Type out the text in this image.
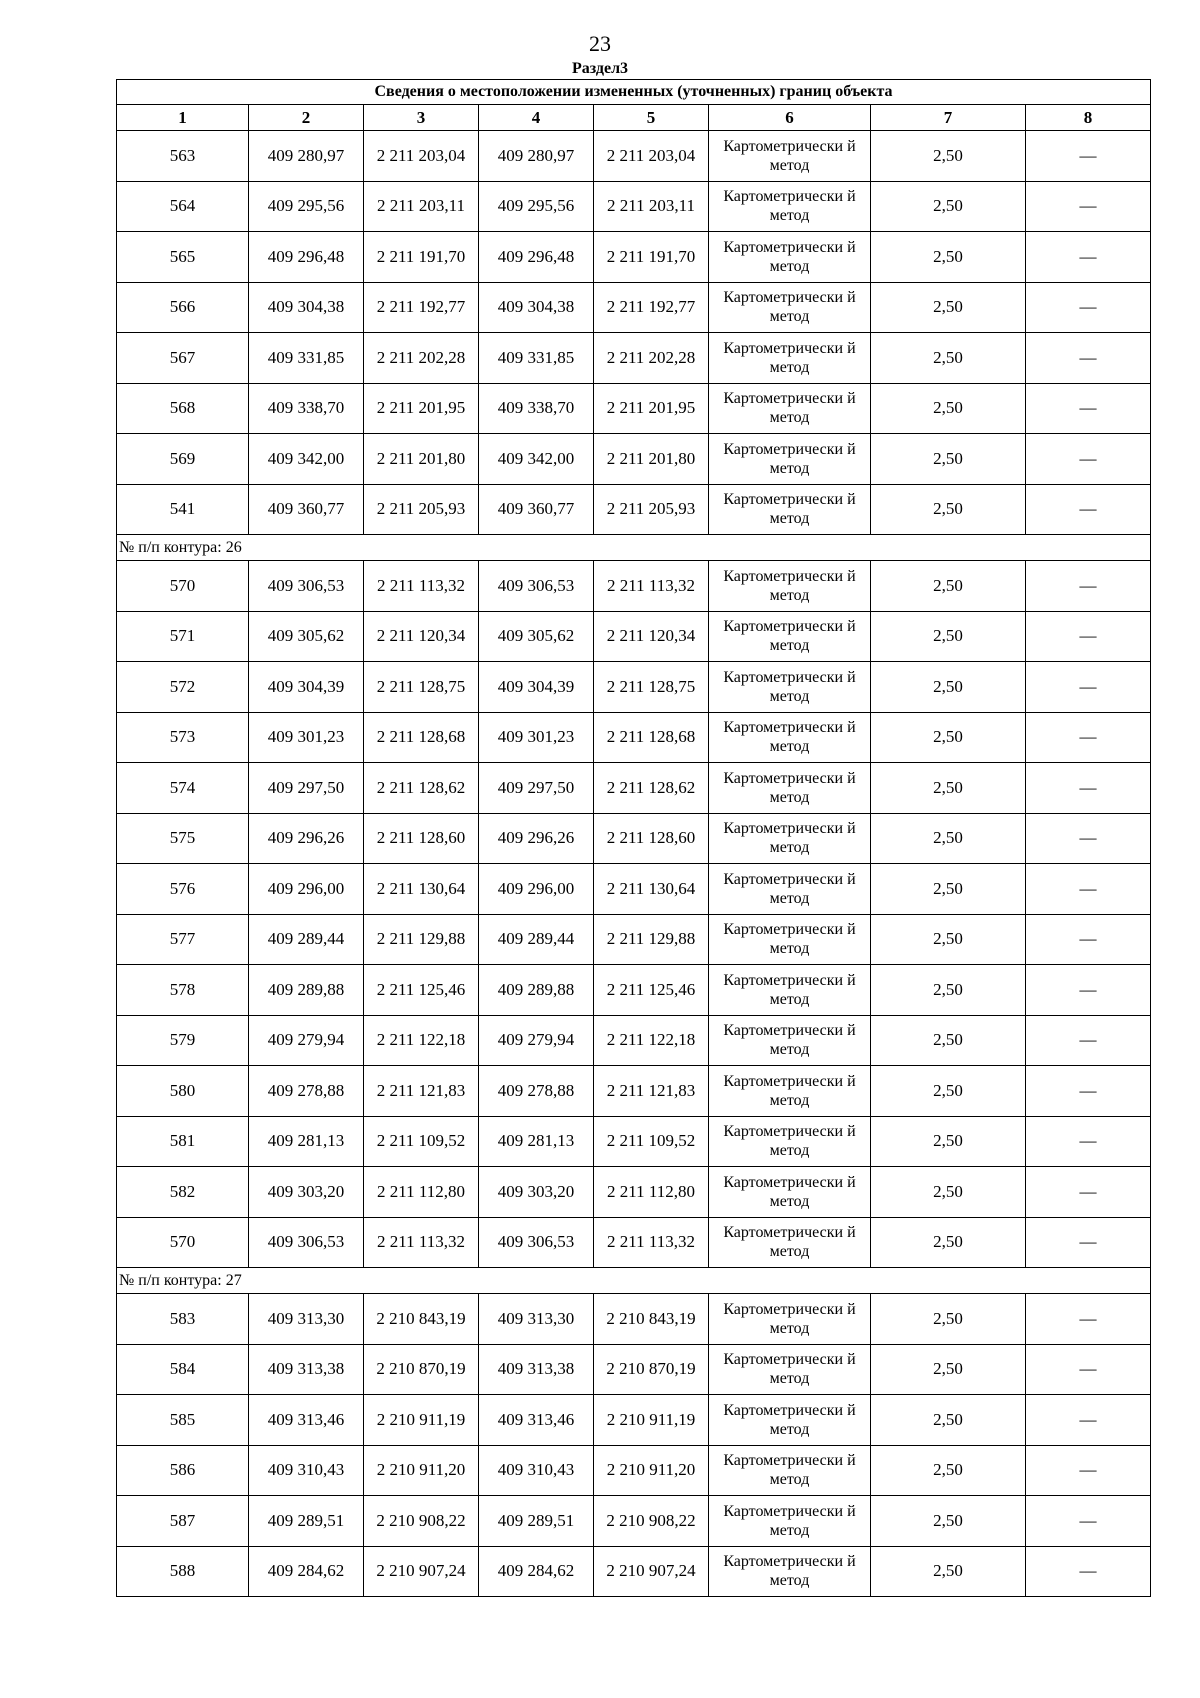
23
Раздел3
Сведения о местоположении измененных (уточненных) границ объекта							
1	2	3	4	5	6	7	8
563	409 280,97	2 211 203,04	409 280,97	2 211 203,04	Картометрически й метод	2,50	—
564	409 295,56	2 211 203,11	409 295,56	2 211 203,11	Картометрически й метод	2,50	—
565	409 296,48	2 211 191,70	409 296,48	2 211 191,70	Картометрически й метод	2,50	—
566	409 304,38	2 211 192,77	409 304,38	2 211 192,77	Картометрически й метод	2,50	—
567	409 331,85	2 211 202,28	409 331,85	2 211 202,28	Картометрически й метод	2,50	—
568	409 338,70	2 211 201,95	409 338,70	2 211 201,95	Картометрически й метод	2,50	—
569	409 342,00	2 211 201,80	409 342,00	2 211 201,80	Картометрически й метод	2,50	—
541	409 360,77	2 211 205,93	409 360,77	2 211 205,93	Картометрически й метод	2,50	—
№ п/п контура: 26							
570	409 306,53	2 211 113,32	409 306,53	2 211 113,32	Картометрически й метод	2,50	—
571	409 305,62	2 211 120,34	409 305,62	2 211 120,34	Картометрически й метод	2,50	—
572	409 304,39	2 211 128,75	409 304,39	2 211 128,75	Картометрически й метод	2,50	—
573	409 301,23	2 211 128,68	409 301,23	2 211 128,68	Картометрически й метод	2,50	—
574	409 297,50	2 211 128,62	409 297,50	2 211 128,62	Картометрически й метод	2,50	—
575	409 296,26	2 211 128,60	409 296,26	2 211 128,60	Картометрически й метод	2,50	—
576	409 296,00	2 211 130,64	409 296,00	2 211 130,64	Картометрически й метод	2,50	—
577	409 289,44	2 211 129,88	409 289,44	2 211 129,88	Картометрически й метод	2,50	—
578	409 289,88	2 211 125,46	409 289,88	2 211 125,46	Картометрически й метод	2,50	—
579	409 279,94	2 211 122,18	409 279,94	2 211 122,18	Картометрически й метод	2,50	—
580	409 278,88	2 211 121,83	409 278,88	2 211 121,83	Картометрически й метод	2,50	—
581	409 281,13	2 211 109,52	409 281,13	2 211 109,52	Картометрически й метод	2,50	—
582	409 303,20	2 211 112,80	409 303,20	2 211 112,80	Картометрически й метод	2,50	—
570	409 306,53	2 211 113,32	409 306,53	2 211 113,32	Картометрически й метод	2,50	—
№ п/п контура: 27							
583	409 313,30	2 210 843,19	409 313,30	2 210 843,19	Картометрически й метод	2,50	—
584	409 313,38	2 210 870,19	409 313,38	2 210 870,19	Картометрически й метод	2,50	—
585	409 313,46	2 210 911,19	409 313,46	2 210 911,19	Картометрически й метод	2,50	—
586	409 310,43	2 210 911,20	409 310,43	2 210 911,20	Картометрически й метод	2,50	—
587	409 289,51	2 210 908,22	409 289,51	2 210 908,22	Картометрически й метод	2,50	—
588	409 284,62	2 210 907,24	409 284,62	2 210 907,24	Картометрически й метод	2,50	—
